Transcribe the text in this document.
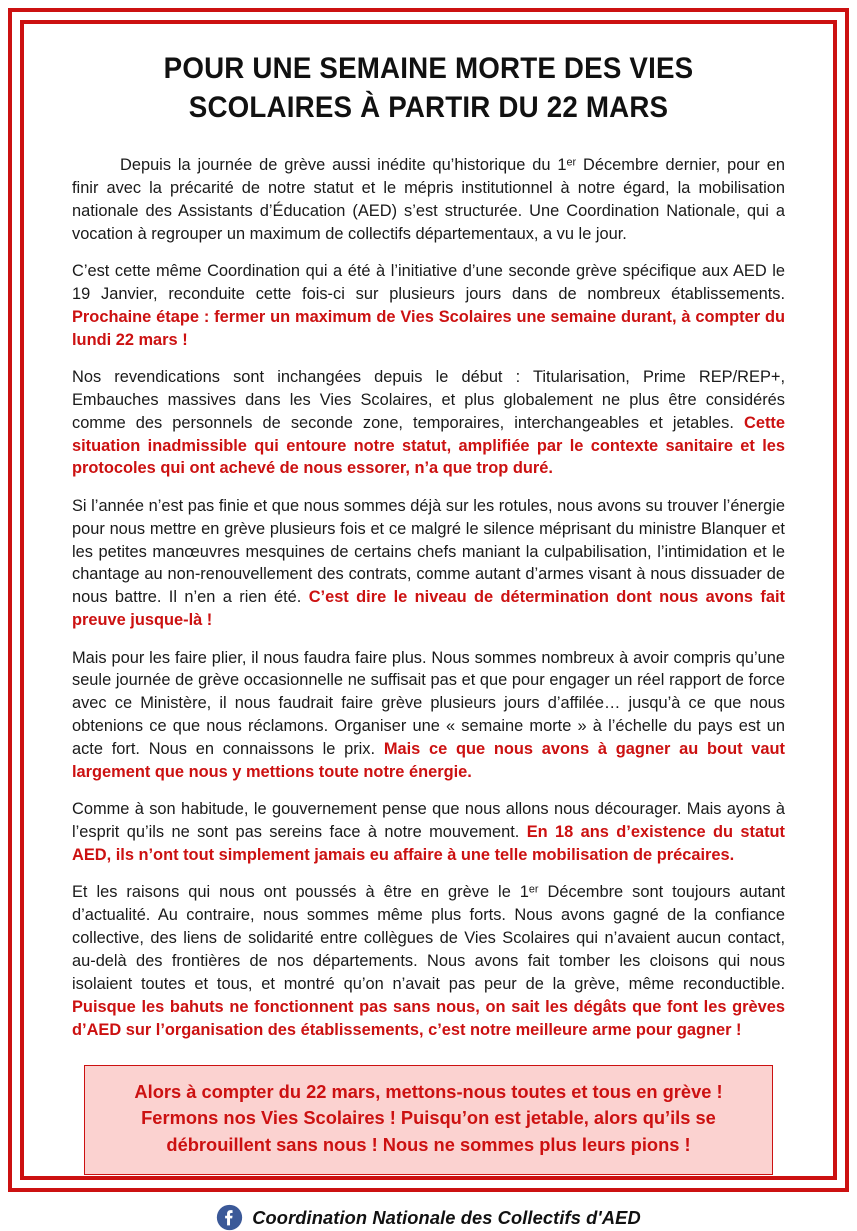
POUR UNE SEMAINE MORTE DES VIES
SCOLAIRES À PARTIR DU 22 MARS

Depuis la journée de grève aussi inédite qu’historique du 1er Décembre dernier, pour en finir avec la précarité de notre statut et le mépris institutionnel à notre égard, la mobilisation nationale des Assistants d’Éducation (AED) s’est structurée. Une Coordination Nationale, qui a vocation à regrouper un maximum de collectifs départementaux, a vu le jour.

C’est cette même Coordination qui a été à l’initiative d’une seconde grève spécifique aux AED le 19 Janvier, reconduite cette fois-ci sur plusieurs jours dans de nombreux établissements. Prochaine étape : fermer un maximum de Vies Scolaires une semaine durant, à compter du lundi 22 mars !

Nos revendications sont inchangées depuis le début : Titularisation, Prime REP/REP+, Embauches massives dans les Vies Scolaires, et plus globalement ne plus être considérés comme des personnels de seconde zone, temporaires, interchangeables et jetables. Cette situation inadmissible qui entoure notre statut, amplifiée par le contexte sanitaire et les protocoles qui ont achevé de nous essorer, n’a que trop duré.

Si l’année n’est pas finie et que nous sommes déjà sur les rotules, nous avons su trouver l’énergie pour nous mettre en grève plusieurs fois et ce malgré le silence méprisant du ministre Blanquer et les petites manœuvres mesquines de certains chefs maniant la culpabilisation, l’intimidation et le chantage au non-renouvellement des contrats, comme autant d’armes visant à nous dissuader de nous battre. Il n’en a rien été. C’est dire le niveau de détermination dont nous avons fait preuve jusque-là !

Mais pour les faire plier, il nous faudra faire plus. Nous sommes nombreux à avoir compris qu’une seule journée de grève occasionnelle ne suffisait pas et que pour engager un réel rapport de force avec ce Ministère, il nous faudrait faire grève plusieurs jours d’affilée… jusqu’à ce que nous obtenions ce que nous réclamons. Organiser une « semaine morte » à l’échelle du pays est un acte fort. Nous en connaissons le prix. Mais ce que nous avons à gagner au bout vaut largement que nous y mettions toute notre énergie.

Comme à son habitude, le gouvernement pense que nous allons nous décourager. Mais ayons à l’esprit qu’ils ne sont pas sereins face à notre mouvement. En 18 ans d’existence du statut AED, ils n’ont tout simplement jamais eu affaire à une telle mobilisation de précaires.

Et les raisons qui nous ont poussés à être en grève le 1er Décembre sont toujours autant d’actualité. Au contraire, nous sommes même plus forts. Nous avons gagné de la confiance collective, des liens de solidarité entre collègues de Vies Scolaires qui n’avaient aucun contact, au-delà des frontières de nos départements. Nous avons fait tomber les cloisons qui nous isolaient toutes et tous, et montré qu’on n’avait pas peur de la grève, même reconductible. Puisque les bahuts ne fonctionnent pas sans nous, on sait les dégâts que font les grèves d’AED sur l’organisation des établissements, c’est notre meilleure arme pour gagner !

Alors à compter du 22 mars, mettons-nous toutes et tous en grève !
Fermons nos Vies Scolaires ! Puisqu’on est jetable, alors qu’ils se
débrouillent sans nous ! Nous ne sommes plus leurs pions !
Coordination Nationale des Collectifs d'AED
